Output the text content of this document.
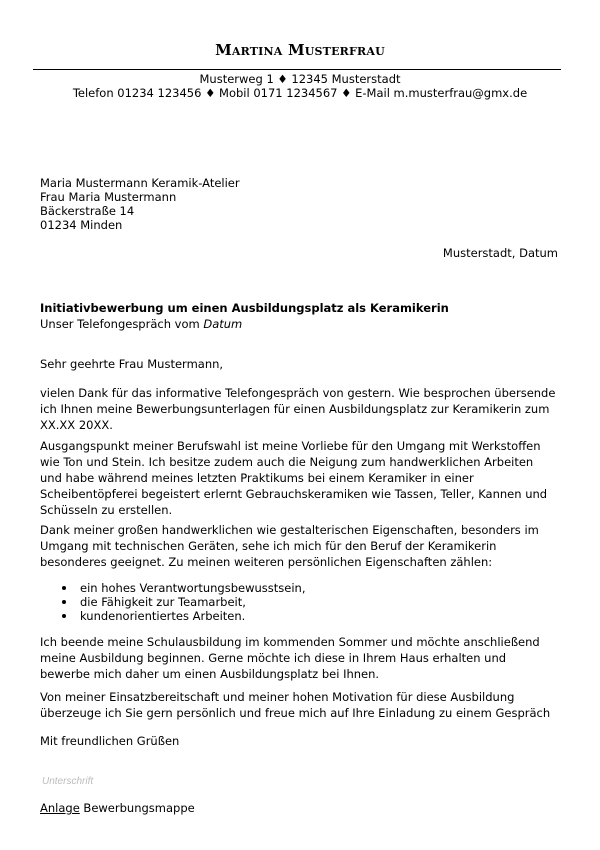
Martina Musterfrau
Musterweg 1 ♦ 12345 Musterstadt
Telefon 01234 123456 ♦ Mobil 0171 1234567 ♦ E-Mail m.musterfrau@gmx.de
Maria Mustermann Keramik-Atelier
Frau Maria Mustermann
Bäckerstraße 14
01234 Minden
Musterstadt, Datum
Initiativbewerbung um einen Ausbildungsplatz als Keramikerin
Unser Telefongespräch vom Datum
Sehr geehrte Frau Mustermann,
vielen Dank für das informative Telefongespräch von gestern. Wie besprochen übersende
ich Ihnen meine Bewerbungsunterlagen für einen Ausbildungsplatz zur Keramikerin zum
XX.XX 20XX.
Ausgangspunkt meiner Berufswahl ist meine Vorliebe für den Umgang mit Werkstoffen
wie Ton und Stein. Ich besitze zudem auch die Neigung zum handwerklichen Arbeiten
und habe während meines letzten Praktikums bei einem Keramiker in einer
Scheibentöpferei begeistert erlernt Gebrauchskeramiken wie Tassen, Teller, Kannen und
Schüsseln zu erstellen.
Dank meiner großen handwerklichen wie gestalterischen Eigenschaften, besonders im
Umgang mit technischen Geräten, sehe ich mich für den Beruf der Keramikerin
besonderes geeignet. Zu meinen weiteren persönlichen Eigenschaften zählen:
ein hohes Verantwortungsbewusstsein,
die Fähigkeit zur Teamarbeit,
kundenorientiertes Arbeiten.
Ich beende meine Schulausbildung im kommenden Sommer und möchte anschließend
meine Ausbildung beginnen. Gerne möchte ich diese in Ihrem Haus erhalten und
bewerbe mich daher um einen Ausbildungsplatz bei Ihnen.
Von meiner Einsatzbereitschaft und meiner hohen Motivation für diese Ausbildung
überzeuge ich Sie gern persönlich und freue mich auf Ihre Einladung zu einem Gespräch
Mit freundlichen Grüßen
Unterschrift
Anlage Bewerbungsmappe
